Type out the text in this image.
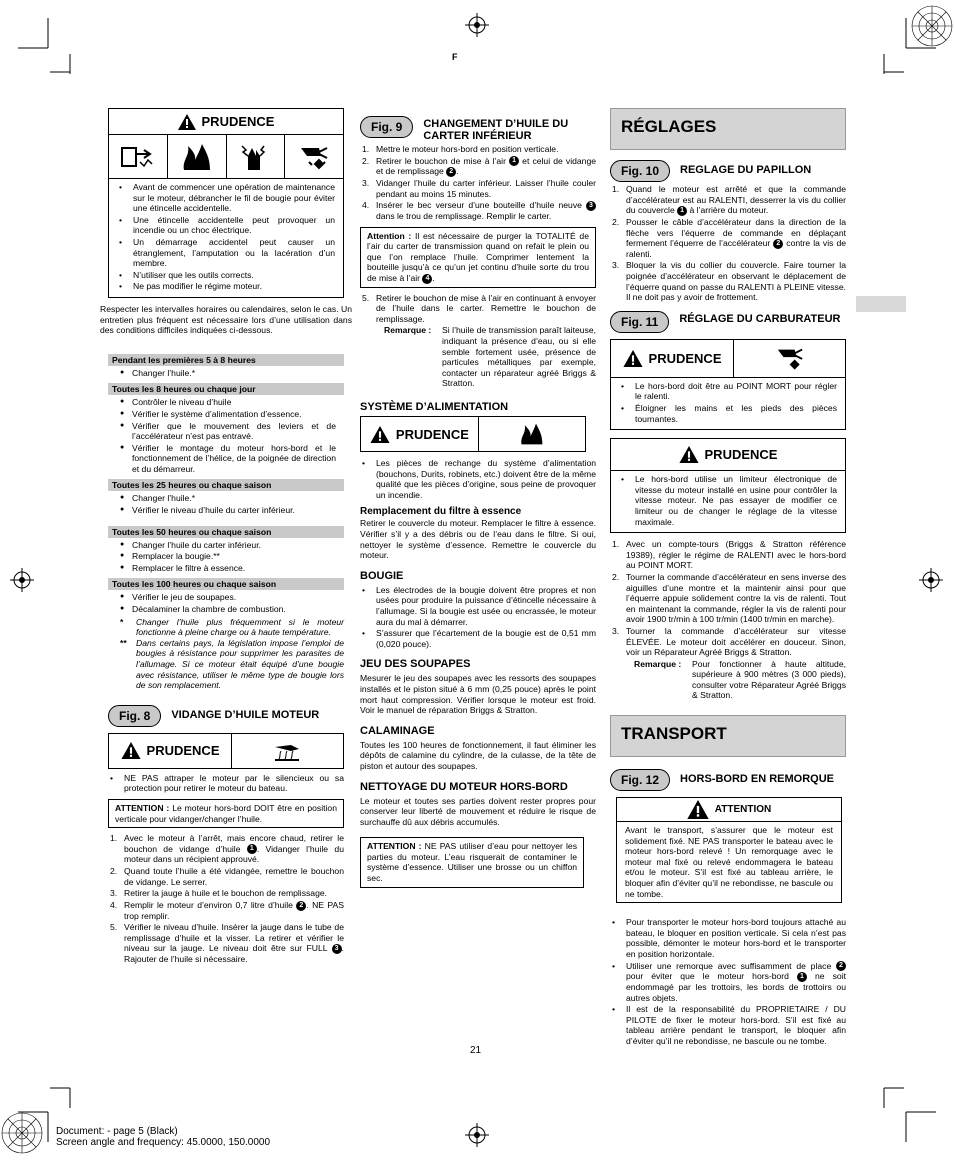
F
PRUDENCE
• Avant de commencer une opération de maintenance sur le moteur, débrancher le fil de bougie pour éviter une étincelle accidentelle.
• Une étincelle accidentelle peut provoquer un incendie ou un choc électrique.
• Un démarrage accidentel peut causer un étranglement, l’amputation ou la lacération d’un membre.
• N’utiliser que les outils corrects.
• Ne pas modifier le régime moteur.

Respecter les intervalles horaires ou calendaires, selon le cas. Un entretien plus fréquent est nécessaire lors d’une utilisation dans des conditions difficiles indiquées ci-dessous.

Pendant les premières 5 à 8 heures
● Changer l’huile.*
Toutes les 8 heures ou chaque jour
● Contrôler le niveau d’huile
● Vérifier le système d’alimentation d’essence.
● Vérifier que le mouvement des leviers et de l’accélérateur n’est pas entravé.
● Vérifier le montage du moteur hors-bord et le fonctionnement de l’hélice, de la poignée de direction et du démarreur.
Toutes les 25 heures ou chaque saison
● Changer l’huile.*
● Vérifier le niveau d’huile du carter inférieur.
Toutes les 50 heures ou chaque saison
● Changer l’huile du carter inférieur.
● Remplacer la bougie.**
● Remplacer le filtre à essence.
Toutes les 100 heures ou chaque saison
● Vérifier le jeu de soupapes.
● Décalaminer la chambre de combustion.

* Changer l’huile plus fréquemment si le moteur fonctionne à pleine charge ou à haute température.

** Dans certains pays, la législation impose l’emploi de bougies à résistance pour supprimer les parasites de l’allumage. Si ce moteur était équipé d’une bougie avec résistance, utiliser le même type de bougie lors de son remplacement.

Fig. 8	VIDANGE D’HUILE MOTEUR
PRUDENCE
• NE PAS attraper le moteur par le silencieux ou sa protection pour retirer le moteur du bateau.
ATTENTION : Le moteur hors-bord DOIT être en position verticale pour vidanger/changer l’huile.
1. Avec le moteur à l’arrêt, mais encore chaud, retirer le bouchon de vidange d’huile 1 . Vidanger l’huile du moteur dans un récipient approuvé.
2. Quand toute l’huile a été vidangée, remettre le bouchon de vidange. Le serrer.
3. Retirer la jauge à huile et le bouchon de remplissage.
4. Remplir le moteur d’environ 0,7 litre d’huile 2 . NE PAS trop remplir.
5. Vérifier le niveau d’huile. Insérer la jauge dans le tube de remplissage d’huile et la visser. La retirer et vérifier le niveau sur la jauge. Le niveau doit être sur FULL 3 . Rajouter de l’huile si nécessaire.
Fig. 9	CHANGEMENT D’HUILE DU CARTER INFÉRIEUR
1. Mettre le moteur hors-bord en position verticale.
2. Retirer le bouchon de mise à l’air 1 et celui de vidange et de remplissage 2 .
3. Vidanger l’huile du carter inférieur. Laisser l’huile couler pendant au moins 15 minutes.
4. Insérer le bec verseur d’une bouteille d’huile neuve 3 dans le trou de remplissage. Remplir le carter.
Attention : Il est nécessaire de purger la TOTALITÉ de l’air du carter de transmission quand on refait le plein ou que l’on remplace l’huile. Comprimer lentement la bouteille jusqu’à ce qu’un jet continu d’huile sorte du trou de mise à l’air 4 .
5. Retirer le bouchon de mise à l’air en continuant à envoyer de l’huile dans le carter. Remettre le bouchon de remplissage.
Remarque :	Si l’huile de transmission paraît laiteuse, indiquant la présence d’eau, ou si elle semble fortement usée, présence de particules métalliques par exemple, contacter un réparateur agréé Briggs & Stratton.
SYSTÈME D’ALIMENTATION
PRUDENCE
• Les pièces de rechange du système d’alimentation (bouchons, Durits, robinets, etc.) doivent être de la même qualité que les pièces d’origine, sous peine de provoquer un incendie.
Remplacement du filtre à essence

Retirer le couvercle du moteur. Remplacer le filtre à essence. Vérifier s’il y a des débris ou de l’eau dans le filtre. Si oui, nettoyer le système d’essence. Remettre le couvercle du moteur.

BOUGIE
• Les électrodes de la bougie doivent être propres et non usées pour produire la puissance d’étincelle nécessaire à l’allumage. Si la bougie est usée ou encrassée, le moteur aura du mal à démarrer.
• S’assurer que l’écartement de la bougie est de 0,51 mm (0,020 pouce).
JEU DES SOUPAPES

Mesurer le jeu des soupapes avec les ressorts des soupapes installés et le piston situé à 6 mm (0,25 pouce) après le point mort haut compression. Vérifier lorsque le moteur est froid. Voir le manuel de réparation Briggs & Stratton.

CALAMINAGE

Toutes les 100 heures de fonctionnement, il faut éliminer les dépôts de calamine du cylindre, de la culasse, de la tête de piston et autour des soupapes.

NETTOYAGE DU MOTEUR HORS-BORD

Le moteur et toutes ses parties doivent rester propres pour conserver leur liberté de mouvement et réduire le risque de surchauffe dû aux débris accumulés.

ATTENTION : NE PAS utiliser d’eau pour nettoyer les parties du moteur. L’eau risquerait de contaminer le système d’essence. Utiliser une brosse ou un chiffon sec.
RÉGLAGES
Fig. 10	REGLAGE DU PAPILLON
1. Quand le moteur est arrêté et que la commande d’accélérateur est au RALENTI, desserrer la vis du collier du couvercle 1 à l’arrière du moteur.
2. Pousser le câble d’accélérateur dans la direction de la flèche vers l’équerre de commande en déplaçant fermement l’équerre de l’accélérateur 2 contre la vis de ralenti.
3. Bloquer la vis du collier du couvercle. Faire tourner la poignée d’accélérateur en observant le déplacement de l’équerre quand on passe du RALENTI à PLEINE vitesse. Il ne doit pas y avoir de frottement.
Fig. 11	RÉGLAGE DU CARBURATEUR
PRUDENCE
• Le hors-bord doit être au POINT MORT pour régler le ralenti.
• Éloigner les mains et les pieds des pièces tournantes.
PRUDENCE
• Le hors-bord utilise un limiteur électronique de vitesse du moteur installé en usine pour contrôler la vitesse moteur. Ne pas essayer de modifier ce limiteur ou de changer le réglage de la vitesse maximale.
1. Avec un compte-tours (Briggs & Stratton référence 19389), régler le régime de RALENTI avec le hors-bord au POINT MORT.
2. Tourner la commande d’accélérateur en sens inverse des aiguilles d’une montre et la maintenir ainsi pour que l’équerre appuie solidement contre la vis de ralenti. Tout en maintenant la commande, régler la vis de ralenti pour avoir 1900 tr/min à 100 tr/min (1400 tr/min en marche).
3. Tourner la commande d’accélérateur sur vitesse ÉLEVÉE. Le moteur doit accélérer en douceur. Sinon, voir un Réparateur Agréé Briggs & Stratton.
Remarque :	Pour fonctionner à haute altitude, supérieure à 900 mètres (3 000 pieds), consulter votre Réparateur Agréé Briggs & Stratton.
TRANSPORT
Fig. 12	HORS-BORD EN REMORQUE
ATTENTION

Avant le transport, s’assurer que le moteur est solidement fixé. NE PAS transporter le bateau avec le moteur hors-bord relevé ! Un remorquage avec le moteur mal fixé ou relevé endommagera le bateau et/ou le moteur. S’il est fixé au tableau arrière, le bloquer afin d’éviter qu’il ne rebondisse, ne bascule ou ne tombe.

• Pour transporter le moteur hors-bord toujours attaché au bateau, le bloquer en position verticale. Si cela n’est pas possible, démonter le moteur hors-bord et le transporter en position horizontale.
• Utiliser une remorque avec suffisamment de place 2 pour éviter que le moteur hors-bord 1 ne soit endommagé par les trottoirs, les bords de trottoirs ou autres objets.
• Il est de la responsabilité du PROPRIETAIRE / DU PILOTE de fixer le moteur hors-bord. S’il est fixé au tableau arrière pendant le transport, le bloquer afin d’éviter qu’il ne rebondisse, ne bascule ou ne tombe.
21
Document: - page 5 (Black)
Screen angle and frequency: 45.0000, 150.0000
